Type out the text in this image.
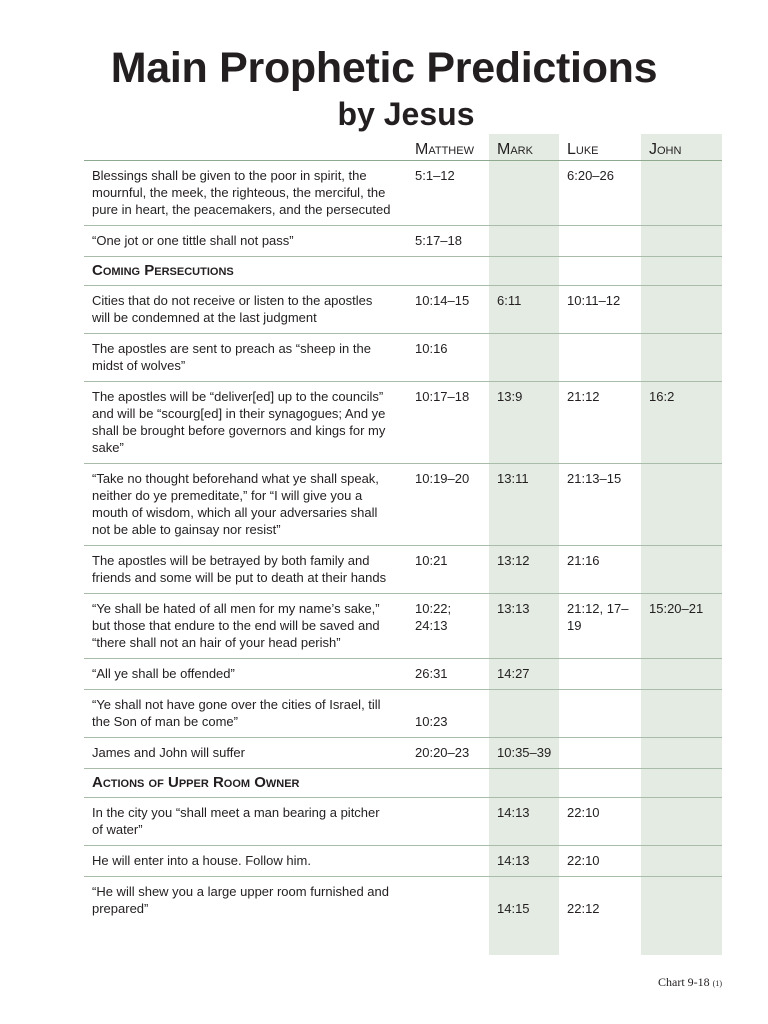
Main Prophetic Predictions
by Jesus
	Matthew	Mark	Luke	John
Blessings shall be given to the poor in spirit, the mournful, the meek, the righteous, the merciful, the pure in heart, the peacemakers, and the persecuted	5:1–12		6:20–26	
“One jot or one tittle shall not pass”	5:17–18			
Coming Persecutions				
Cities that do not receive or listen to the apostles will be condemned at the last judgment	10:14–15	6:11	10:11–12	
The apostles are sent to preach as “sheep in the midst of wolves”	10:16			
The apostles will be “deliver[ed] up to the councils” and will be “scourg[ed] in their synagogues; And ye shall be brought before governors and kings for my sake”	10:17–18	13:9	21:12	16:2
“Take no thought beforehand what ye shall speak, neither do ye premeditate,” for “I will give you a mouth of wisdom, which all your adversaries shall not be able to gainsay nor resist”	10:19–20	13:11	21:13–15	
The apostles will be betrayed by both family and friends and some will be put to death at their hands	10:21	13:12	21:16	
“Ye shall be hated of all men for my name’s sake,” but those that endure to the end will be saved and “there shall not an hair of your head perish”	10:22; 24:13	13:13	21:12, 17–19	15:20–21
“All ye shall be offended”	26:31	14:27		
“Ye shall not have gone over the cities of Israel, till the Son of man be come”	10:23			
James and John will suffer	20:20–23	10:35–39		
Actions of Upper Room Owner				
In the city you “shall meet a man bearing a pitcher of water”		14:13	22:10	
He will enter into a house. Follow him.		14:13	22:10	
“He will shew you a large upper room furnished and prepared”		14:15	22:12	
Chart 9-18 (1)
